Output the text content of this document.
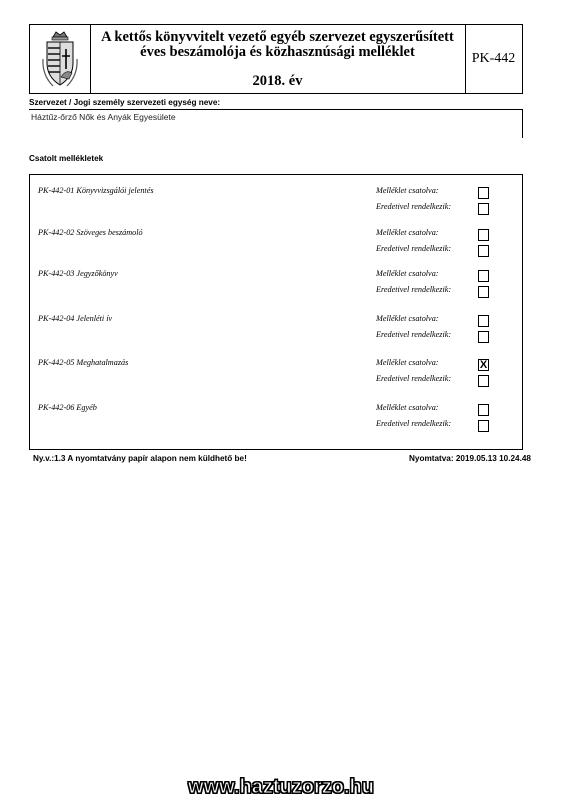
A kettős könyvvitelt vezető egyéb szervezet egyszerűsített
éves beszámolója és közhasznúsági melléklet
2018. év
PK-442
Szervezet / Jogi személy szervezeti egység neve:
Háztűz-őrző Nők és Anyák Egyesülete
Csatolt mellékletek
PK-442-01 Könyvvizsgálói jelentés	Melléklet csatolva:
Eredetivel rendelkezik:
PK-442-02 Szöveges beszámoló	Melléklet csatolva:
Eredetivel rendelkezik:
PK-442-03 Jegyzőkönyv	Melléklet csatolva:
Eredetivel rendelkezik:
PK-442-04 Jelenléti ív	Melléklet csatolva:
Eredetivel rendelkezik:
PK-442-05 Meghatalmazás	Melléklet csatolva:	X
Eredetivel rendelkezik:
PK-442-06 Egyéb	Melléklet csatolva:
Eredetivel rendelkezik:
Ny.v.:1.3 A nyomtatvány papír alapon nem küldhető be!	Nyomtatva: 2019.05.13 10.24.48
www.haztuzorzo.hu
